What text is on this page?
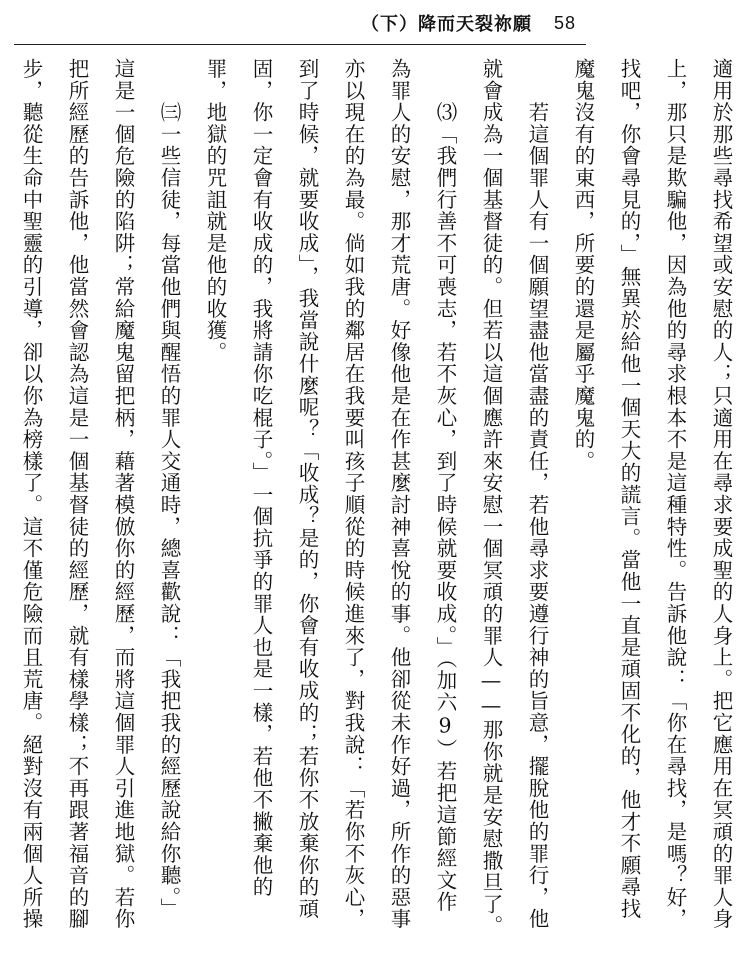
（下）降而天裂祢願 58

適用於那些尋找希望或安慰的人；只適用在尋求要成聖的人身上。把它應用在冥頑的罪人身
上，那只是欺騙他，因為他的尋求根本不是這種特性。告訴他說：「你在尋找，是嗎？好，
找吧，你會尋見的，」無異於給他一個天大的謊言。當他一直是頑固不化的，他才不願尋找
魔鬼沒有的東西，所要的還是屬乎魔鬼的。
　　若這個罪人有一個願望盡他當盡的責任，若他尋求要遵行神的旨意，擺脫他的罪行，他
就會成為一個基督徒的。但若以這個應許來安慰一個冥頑的罪人——那你就是安慰撒旦了。
　　⑶「我們行善不可喪志，若不灰心，到了時候就要收成。」（加六9）若把這節經文作
為罪人的安慰，那才荒唐。好像他是在作甚麼討神喜悅的事。他卻從未作好過，所作的惡事
亦以現在的為最。倘如我的鄰居在我要叫孩子順從的時候進來了，對我說：「若你不灰心，
到了時候，就要收成」，我當說什麼呢？「收成？是的，你會有收成的；若你不放棄你的頑
固，你一定會有收成的，我將請你吃棍子。」一個抗爭的罪人也是一樣，若他不撇棄他的
罪，地獄的咒詛就是他的收獲。
　　㈢一些信徒，每當他們與醒悟的罪人交通時，總喜歡說：「我把我的經歷說給你聽。」
這是一個危險的陷阱；常給魔鬼留把柄，藉著模倣你的經歷，而將這個罪人引進地獄。若你
把所經歷的告訴他，他當然會認為這是一個基督徒的經歷，就有樣學樣；不再跟著福音的腳
步，聽從生命中聖靈的引導，卻以你為榜樣了。這不僅危險而且荒唐。絕對沒有兩個人所操
